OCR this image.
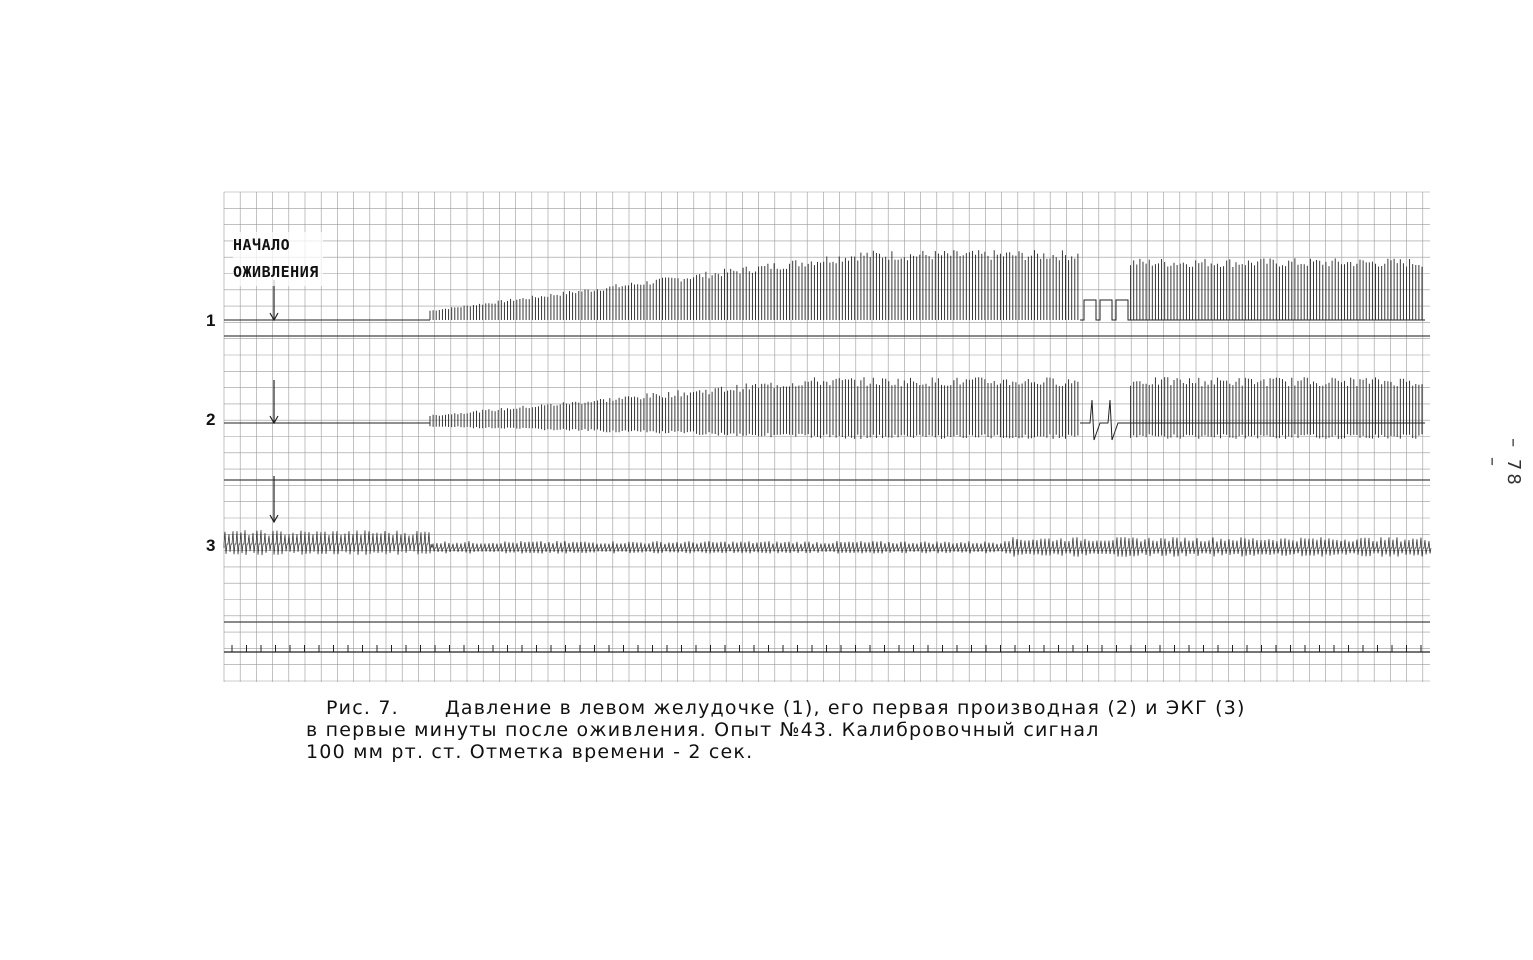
НАЧАЛО
ОЖИВЛЕНИЯ
1
2
3
Рис. 7. Давление в левом желудочке (1), его первая производная (2) и ЭКГ (3)
в первые минуты после оживления. Опыт №43. Калибровочный сигнал
100 мм рт. ст. Отметка времени - 2 сек.
– 78 –
